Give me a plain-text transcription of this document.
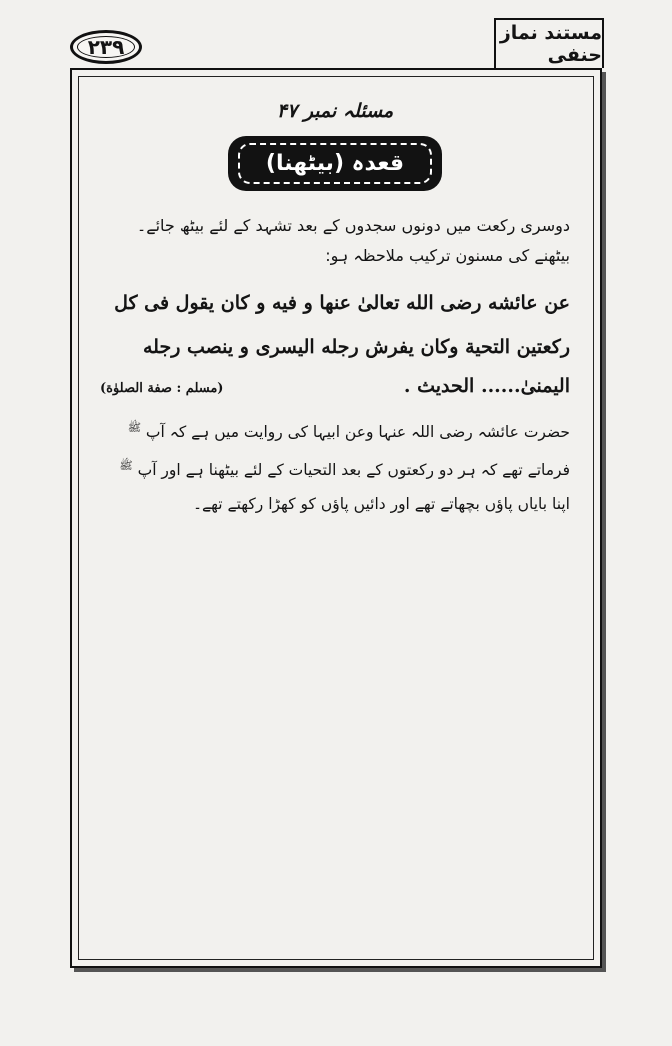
۲۳۹
مستند نماز حنفی

مسئلہ نمبر ۴۷

قعدہ (بیٹھنا)

دوسری رکعت میں دونوں سجدوں کے بعد تشہد کے لئے بیٹھ جائے۔

بیٹھنے کی مسنون ترکیب ملاحظہ ہو:

عن عائشه رضی الله تعالىٰ عنها و فيه و كان يقول فی كل

ركعتين التحية وكان يفرش رجله اليسرى و ينصب رجله

اليمنىٰ...... الحديث .

(مسلم : صفة الصلوٰة)

حضرت عائشہ رضی اللہ عنہا وعن ابیہا کی روایت میں ہے کہ آپ $^ﷺ$

فرماتے تھے کہ ہر دو رکعتوں کے بعد التحیات کے لئے بیٹھنا ہے اور آپ $^ﷺ$

اپنا بایاں پاؤں بچھاتے تھے اور دائیں پاؤں کو کھڑا رکھتے تھے۔
